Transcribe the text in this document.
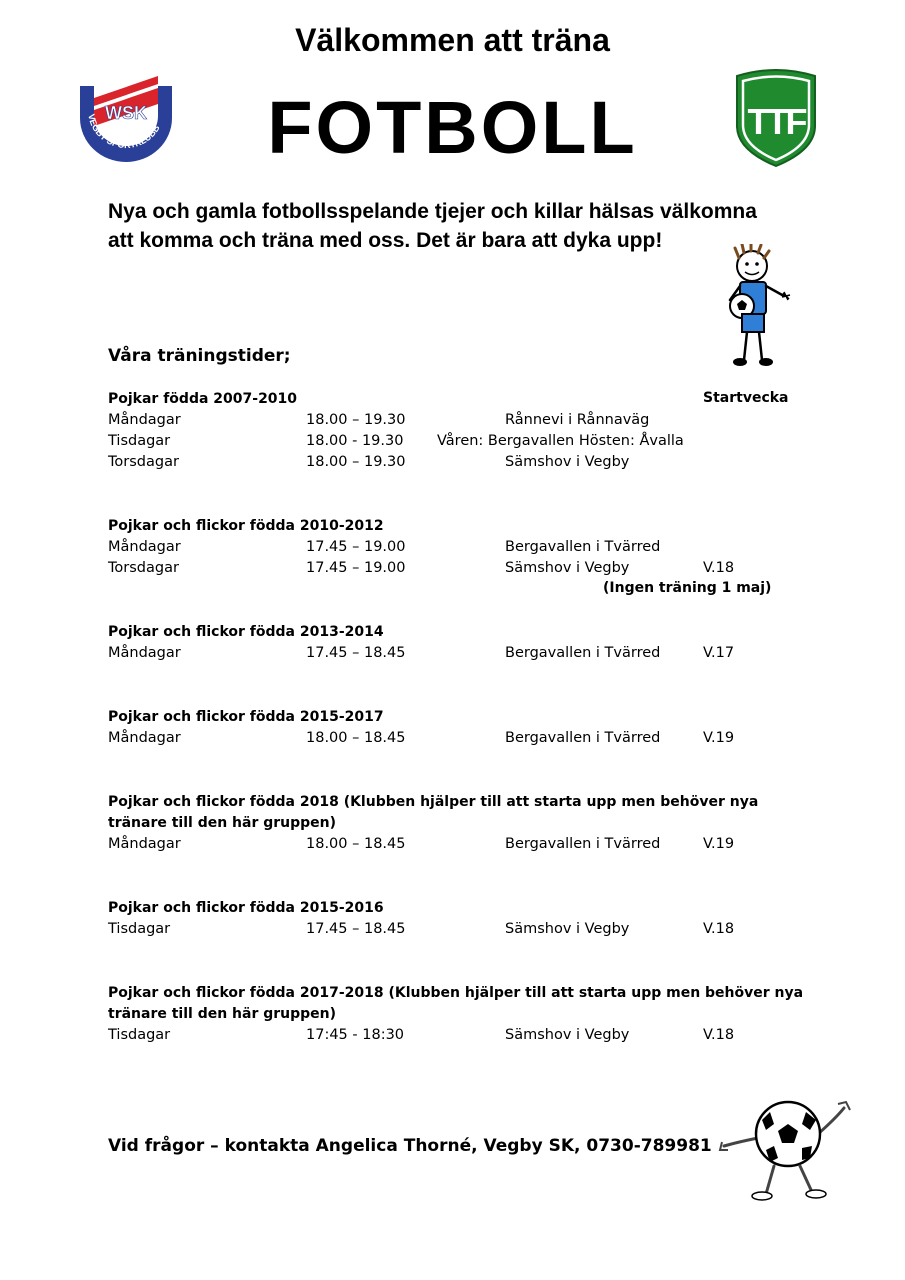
WSK
VEGBY SPORTKLUBB	TTF
Välkommen att träna
FOTBOLL
Nya och gamla fotbollsspelande tjejer och killar hälsas välkomna
att komma och träna med oss. Det är bara att dyka upp!
Våra träningstider;
Startvecka
Pojkar födda 2007-2010
Måndagar	18.00 – 19.30	Rånnevi i Rånnaväg
Tisdagar	18.00 - 19.30 Våren: Bergavallen Hösten: Åvalla
Torsdagar	18.00 – 19.30	Sämshov i Vegby
Pojkar och flickor födda 2010-2012
Måndagar	17.45 – 19.00	Bergavallen i Tvärred
Torsdagar	17.45 – 19.00	Sämshov i Vegby	V.18
(Ingen träning 1 maj)
Pojkar och flickor födda 2013-2014
Måndagar	17.45 – 18.45	Bergavallen i Tvärred	V.17
Pojkar och flickor födda 2015-2017
Måndagar	18.00 – 18.45	Bergavallen i Tvärred	V.19
Pojkar och flickor födda 2018 (Klubben hjälper till att starta upp men behöver nya tränare till den här gruppen)
Måndagar	18.00 – 18.45	Bergavallen i Tvärred	V.19
Pojkar och flickor födda 2015-2016
Tisdagar	17.45 – 18.45	Sämshov i Vegby	V.18
Pojkar och flickor födda 2017-2018 (Klubben hjälper till att starta upp men behöver nya tränare till den här gruppen)
Tisdagar	17:45 - 18:30	Sämshov i Vegby	V.18
Vid frågor – kontakta Angelica Thorné, Vegby SK, 0730-789981
